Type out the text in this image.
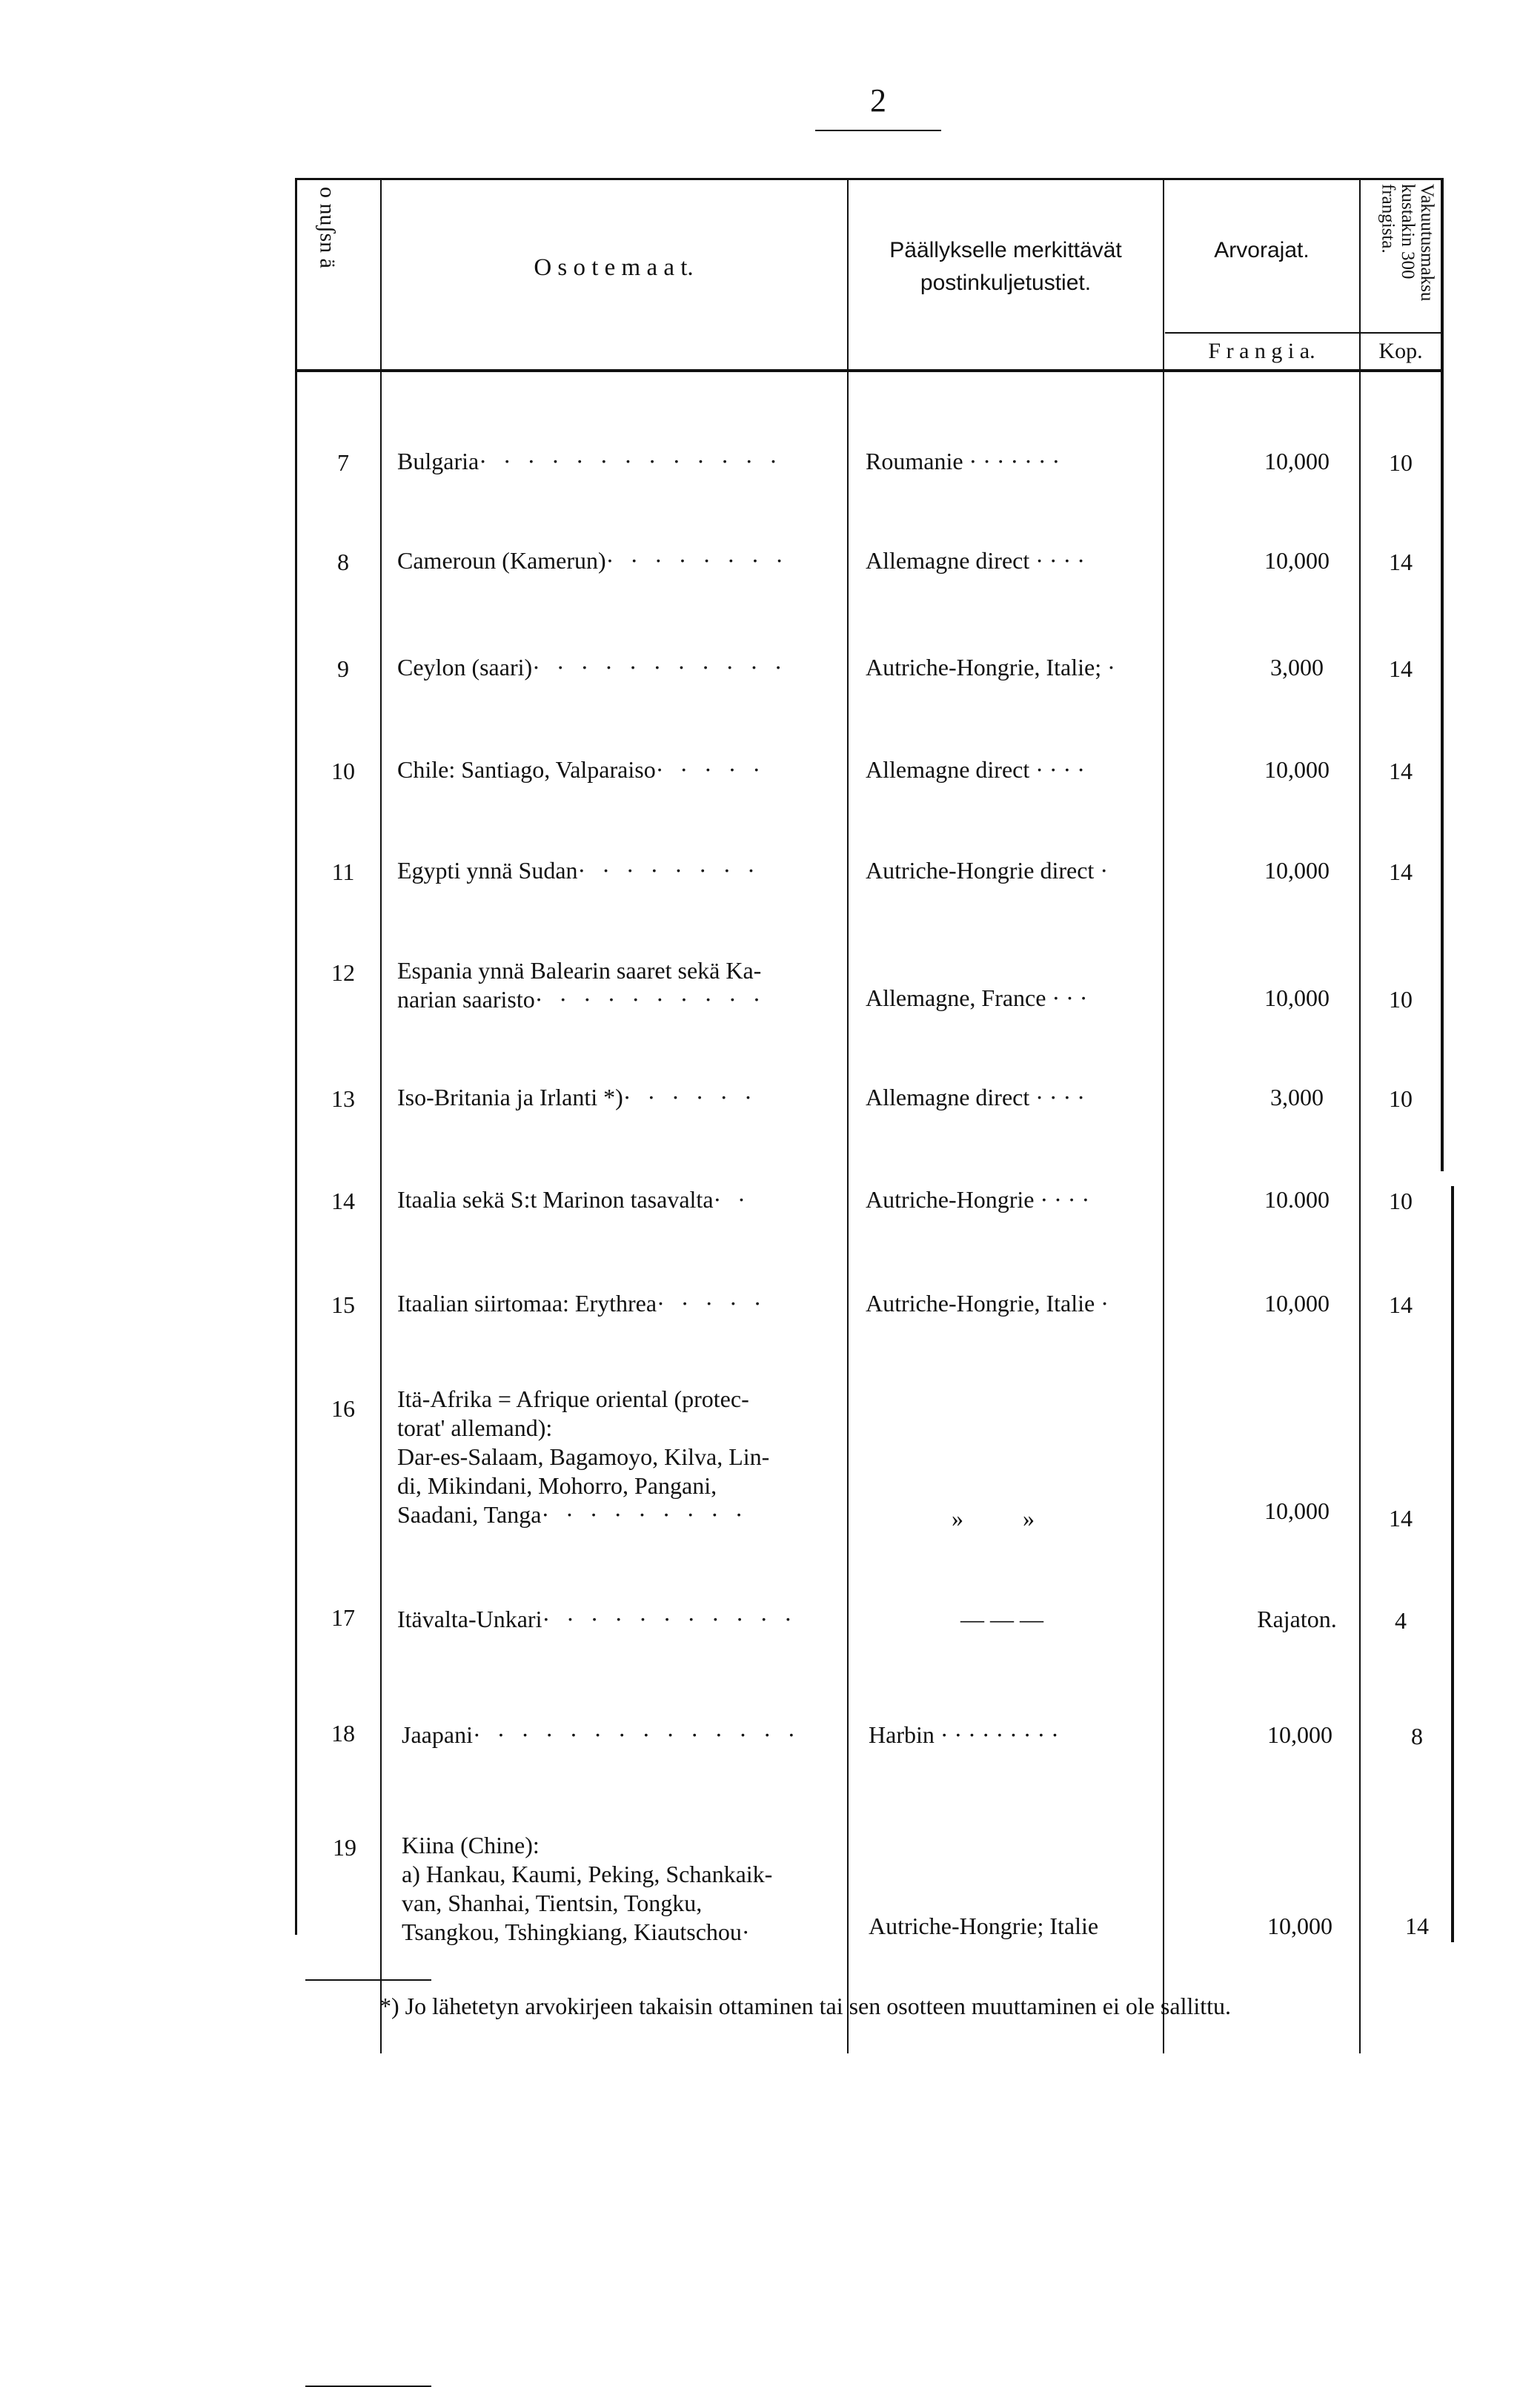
2
o nuʃsn ä	O s o t e m a a t.
Päällykselle merkittävät
postinkuljetustiet.
Arvorajat.
F r a n g i a.
Vakuutusmaksu kustakin 300 frangista.
Kop.
7	Bulgaria· · · · · · · · · · · · ·	Roumanie · · · · · · ·	10,000	10
8	Cameroun (Kamerun)· · · · · · · ·	Allemagne direct · · · ·	10,000	14
9	Ceylon (saari)· · · · · · · · · · ·	Autriche-Hongrie, Italie; ·	3,000	14
10	Chile: Santiago, Valparaiso· · · · ·	Allemagne direct · · · ·	10,000	14
11	Egypti ynnä Sudan· · · · · · · ·	Autriche-Hongrie direct ·	10,000	14
12	Espania ynnä Balearin saaret sekä Ka-
narian saaristo· · · · · · · · · ·	Allemagne, France · · ·	10,000	10
13	Iso-Britania ja Irlanti *)· · · · · ·	Allemagne direct · · · ·	3,000	10
14	Itaalia sekä S:t Marinon tasavalta· ·	Autriche-Hongrie · · · ·	10.000	10
15	Itaalian siirtomaa: Erythrea· · · · ·	Autriche-Hongrie, Italie ·	10,000	14
16	Itä-Afrika = Afrique oriental (protec-
torat' allemand):
Dar-es-Salaam, Bagamoyo, Kilva, Lin-
di, Mikindani, Mohorro, Pangani,
Saadani, Tanga· · · · · · · · ·	»          »	10,000	14
17	Itävalta-Unkari· · · · · · · · · · ·	— — —	Rajaton.	4
18	Jaapani· · · · · · · · · · · · · ·	Harbin · · · · · · · · ·	10,000	8
19	Kiina (Chine):
a) Hankau, Kaumi, Peking, Schankaik-
van, Shanhai, Tientsin, Tongku,
Tsangkou, Tshingkiang, Kiautschou·	Autriche-Hongrie; Italie	10,000	14
*) Jo lähetetyn arvokirjeen takaisin ottaminen tai sen osotteen muuttaminen ei ole sallittu.
